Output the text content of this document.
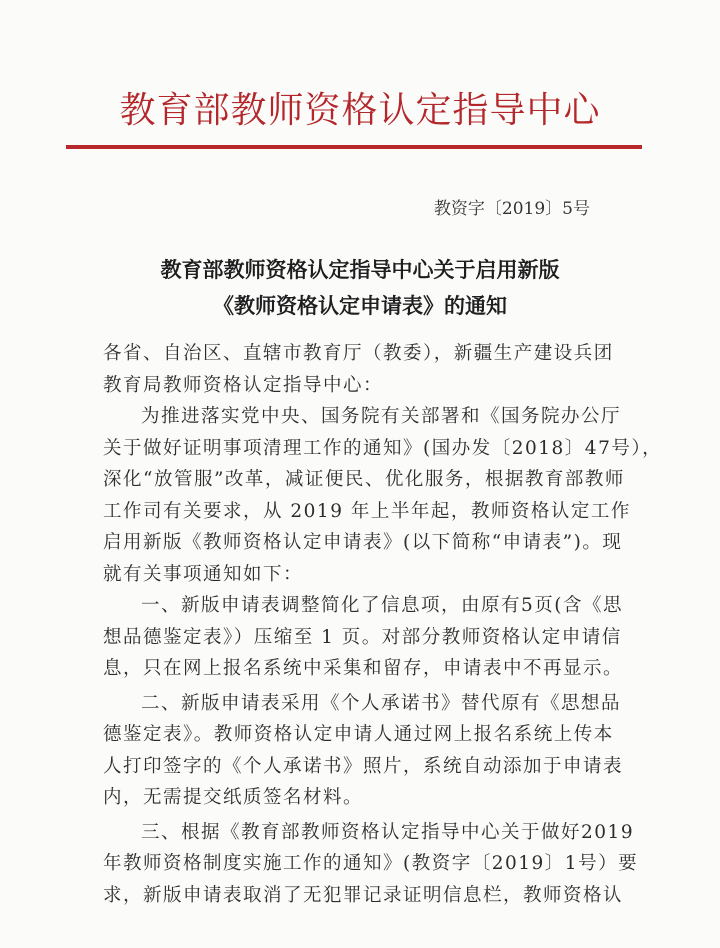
教育部教师资格认定指导中心
教资字〔2019〕5号
教育部教师资格认定指导中心关于启用新版
《教师资格认定申请表》的通知
各省、自治区、直辖市教育厅（教委），新疆生产建设兵团
教育局教师资格认定指导中心：
为推进落实党中央、国务院有关部署和《国务院办公厅
关于做好证明事项清理工作的通知》(国办发〔2018〕47号），
深化“放管服”改革，减证便民、优化服务，根据教育部教师
工作司有关要求，从 2019 年上半年起，教师资格认定工作
启用新版《教师资格认定申请表》(以下简称“申请表”)。现
就有关事项通知如下：
一、新版申请表调整简化了信息项，由原有5页(含《思
想品德鉴定表》）压缩至 1 页。对部分教师资格认定申请信
息，只在网上报名系统中采集和留存，申请表中不再显示。
二、新版申请表采用《个人承诺书》替代原有《思想品
德鉴定表》。教师资格认定申请人通过网上报名系统上传本
人打印签字的《个人承诺书》照片，系统自动添加于申请表
内，无需提交纸质签名材料。
三、根据《教育部教师资格认定指导中心关于做好2019
年教师资格制度实施工作的通知》(教资字〔2019〕1号）要
求，新版申请表取消了无犯罪记录证明信息栏，教师资格认
